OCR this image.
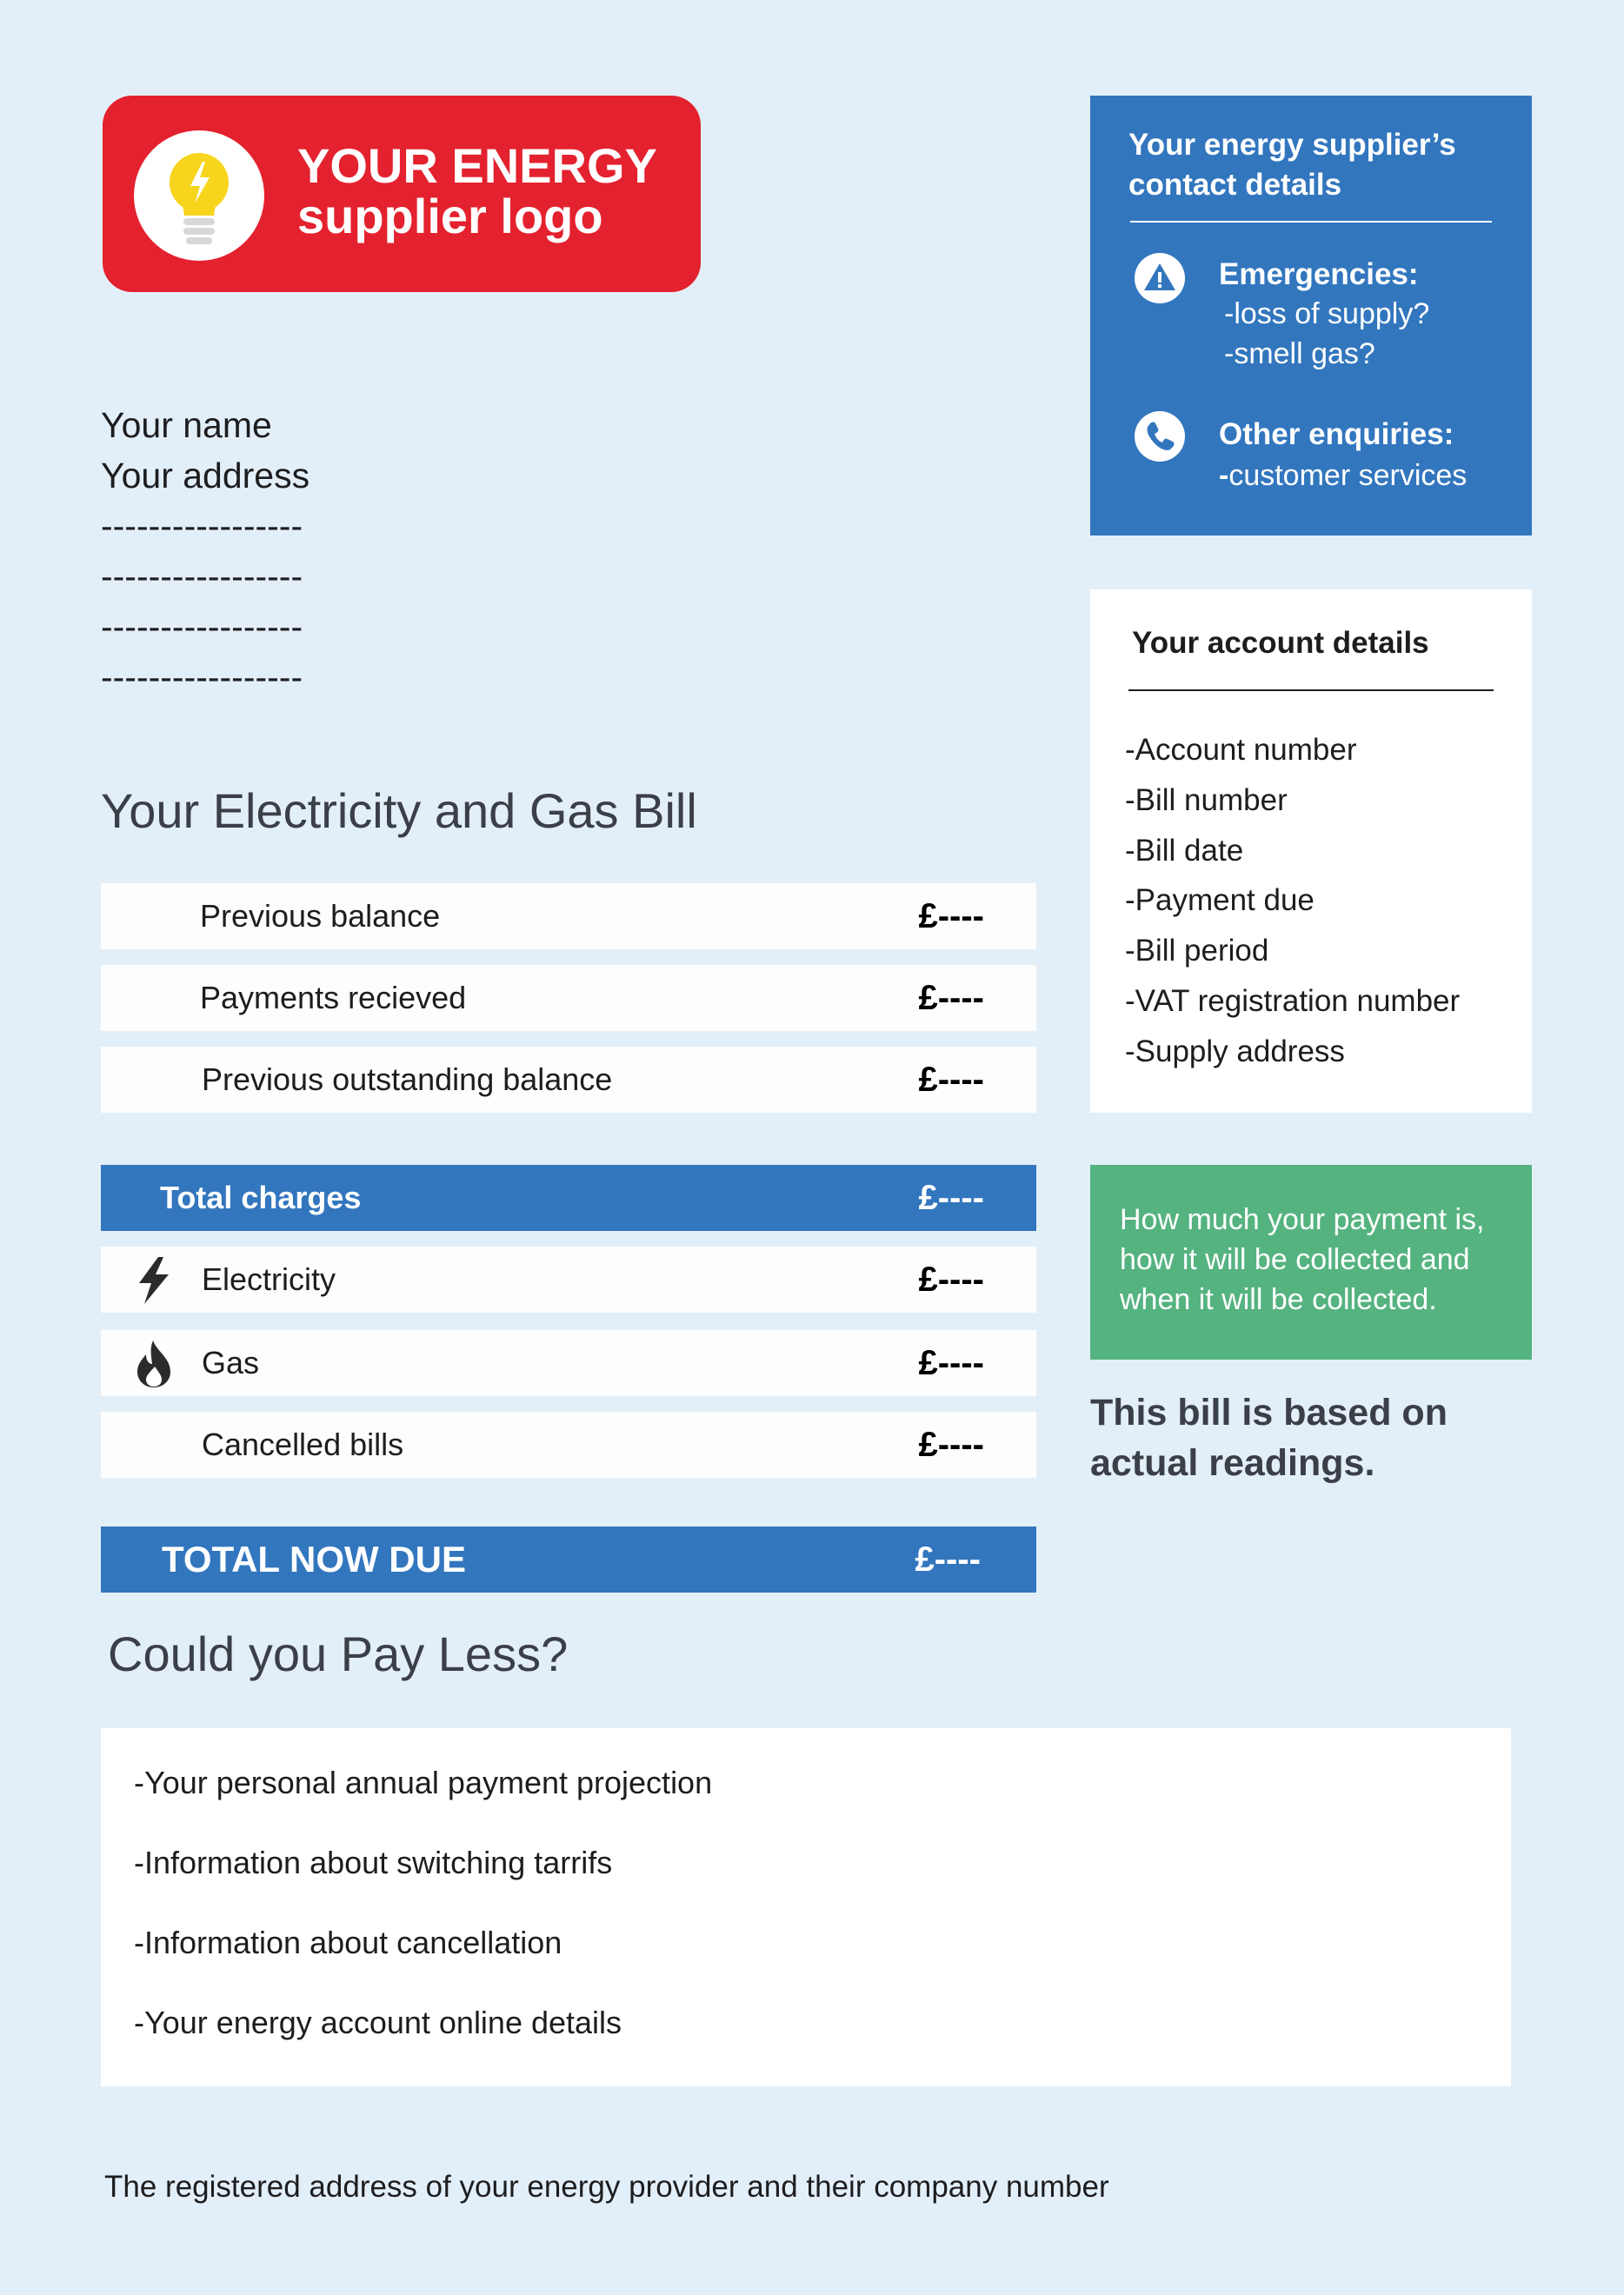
YOUR ENERGY
supplier logo
Your name
Your address
-----------------
-----------------
-----------------
-----------------
Your Electricity and Gas Bill
Previous balance	£----
Payments recieved	£----
Previous outstanding balance	£----
Total charges	£----
Electricity	£----
Gas	£----
Cancelled bills	£----
TOTAL NOW DUE	£----
Could you Pay Less?
-Your personal annual payment projection
-Information about switching tarrifs
-Information about cancellation
-Your energy account online details
The registered address of your energy provider and their company number
Your energy supplier’s
contact details
Emergencies:
-loss of supply?
-smell gas?
Other enquiries:
-customer services
Your account details
-Account number
-Bill number
-Bill date
-Payment due
-Bill period
-VAT registration number
-Supply address
How much your payment is, how it will be collected and when it will be collected.
This bill is based on
actual readings.
